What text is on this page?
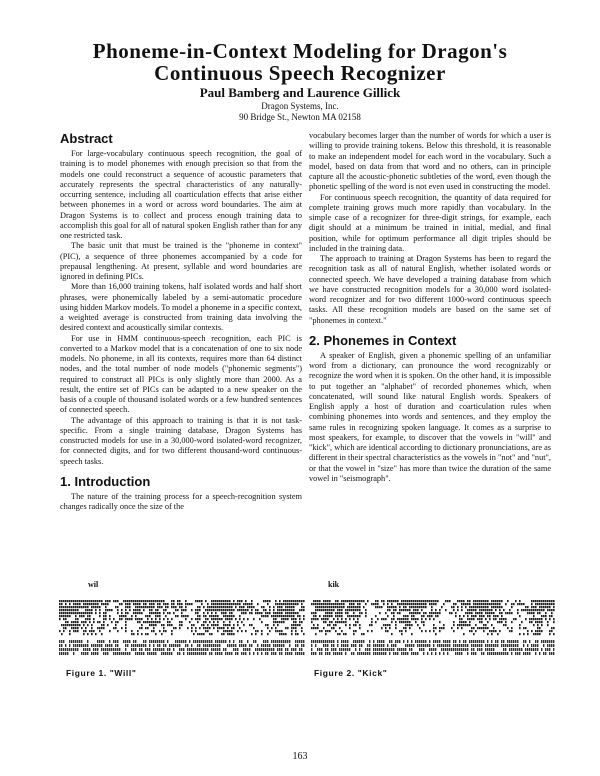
Phoneme-in-Context Modeling for Dragon's
Continuous Speech Recognizer
Paul Bamberg and Laurence Gillick
Dragon Systems, Inc.
90 Bridge St., Newton MA 02158
Abstract

For large-vocabulary continuous speech recognition, the goal of training is to model phonemes with enough precision so that from the models one could reconstruct a sequence of acoustic parameters that accurately represents the spectral characteristics of any naturally-occurring sentence, including all coarticulation effects that arise either between phonemes in a word or across word boundaries. The aim at Dragon Systems is to collect and process enough training data to accomplish this goal for all of natural spoken English rather than for any one restricted task.

The basic unit that must be trained is the "phoneme in context" (PIC), a sequence of three phonemes accompanied by a code for prepausal lengthening. At present, syllable and word boundaries are ignored in defining PICs.

More than 16,000 training tokens, half isolated words and half short phrases, were phonemically labeled by a semi-automatic procedure using hidden Markov models. To model a phoneme in a specific context, a weighted average is constructed from training data involving the desired context and acoustically similar contexts.

For use in HMM continuous-speech recognition, each PIC is converted to a Markov model that is a concatenation of one to six node models. No phoneme, in all its contexts, requires more than 64 distinct nodes, and the total number of node models ("phonemic segments") required to construct all PICs is only slightly more than 2000. As a result, the entire set of PICs can be adapted to a new speaker on the basis of a couple of thousand isolated words or a few hundred sentences of connected speech.

The advantage of this approach to training is that it is not task-specific. From a single training database, Dragon Systems has constructed models for use in a 30,000-word isolated-word recognizer, for connected digits, and for two different thousand-word continuous-speech tasks.

1. Introduction

The nature of the training process for a speech-recognition system changes radically once the size of the

vocabulary becomes larger than the number of words for which a user is willing to provide training tokens. Below this threshold, it is reasonable to make an independent model for each word in the vocabulary. Such a model, based on data from that word and no others, can in principle capture all the acoustic-phonetic subtleties of the word, even though the phonetic spelling of the word is not even used in constructing the model.

For continuous speech recognition, the quantity of data required for complete training grows much more rapidly than vocabulary. In the simple case of a recognizer for three-digit strings, for example, each digit should at a minimum be trained in initial, medial, and final position, while for optimum performance all digit triples should be included in the training data.

The approach to training at Dragon Systems has been to regard the recognition task as all of natural English, whether isolated words or connected speech. We have developed a training database from which we have constructed recognition models for a 30,000 word isolated-word recognizer and for two different 1000-word continuous speech tasks. All these recognition models are based on the same set of "phonemes in context."

2. Phonemes in Context

A speaker of English, given a phonemic spelling of an unfamiliar word from a dictionary, can pronounce the word recognizably or recognize the word when it is spoken. On the other hand, it is impossible to put together an "alphabet" of recorded phonemes which, when concatenated, will sound like natural English words. Speakers of English apply a host of duration and coarticulation rules when combining phonemes into words and sentences, and they employ the same rules in recognizing spoken language. It comes as a surprise to most speakers, for example, to discover that the vowels in "will" and "kick", which are identical according to dictionary pronunciations, are as different in their spectral characteristics as the vowels in "not" and "nut", or that the vowel in "size" has more than twice the duration of the same vowel in "seismograph".

wil	kik
Figure 1. "Will"	Figure 2. "Kick"
163
